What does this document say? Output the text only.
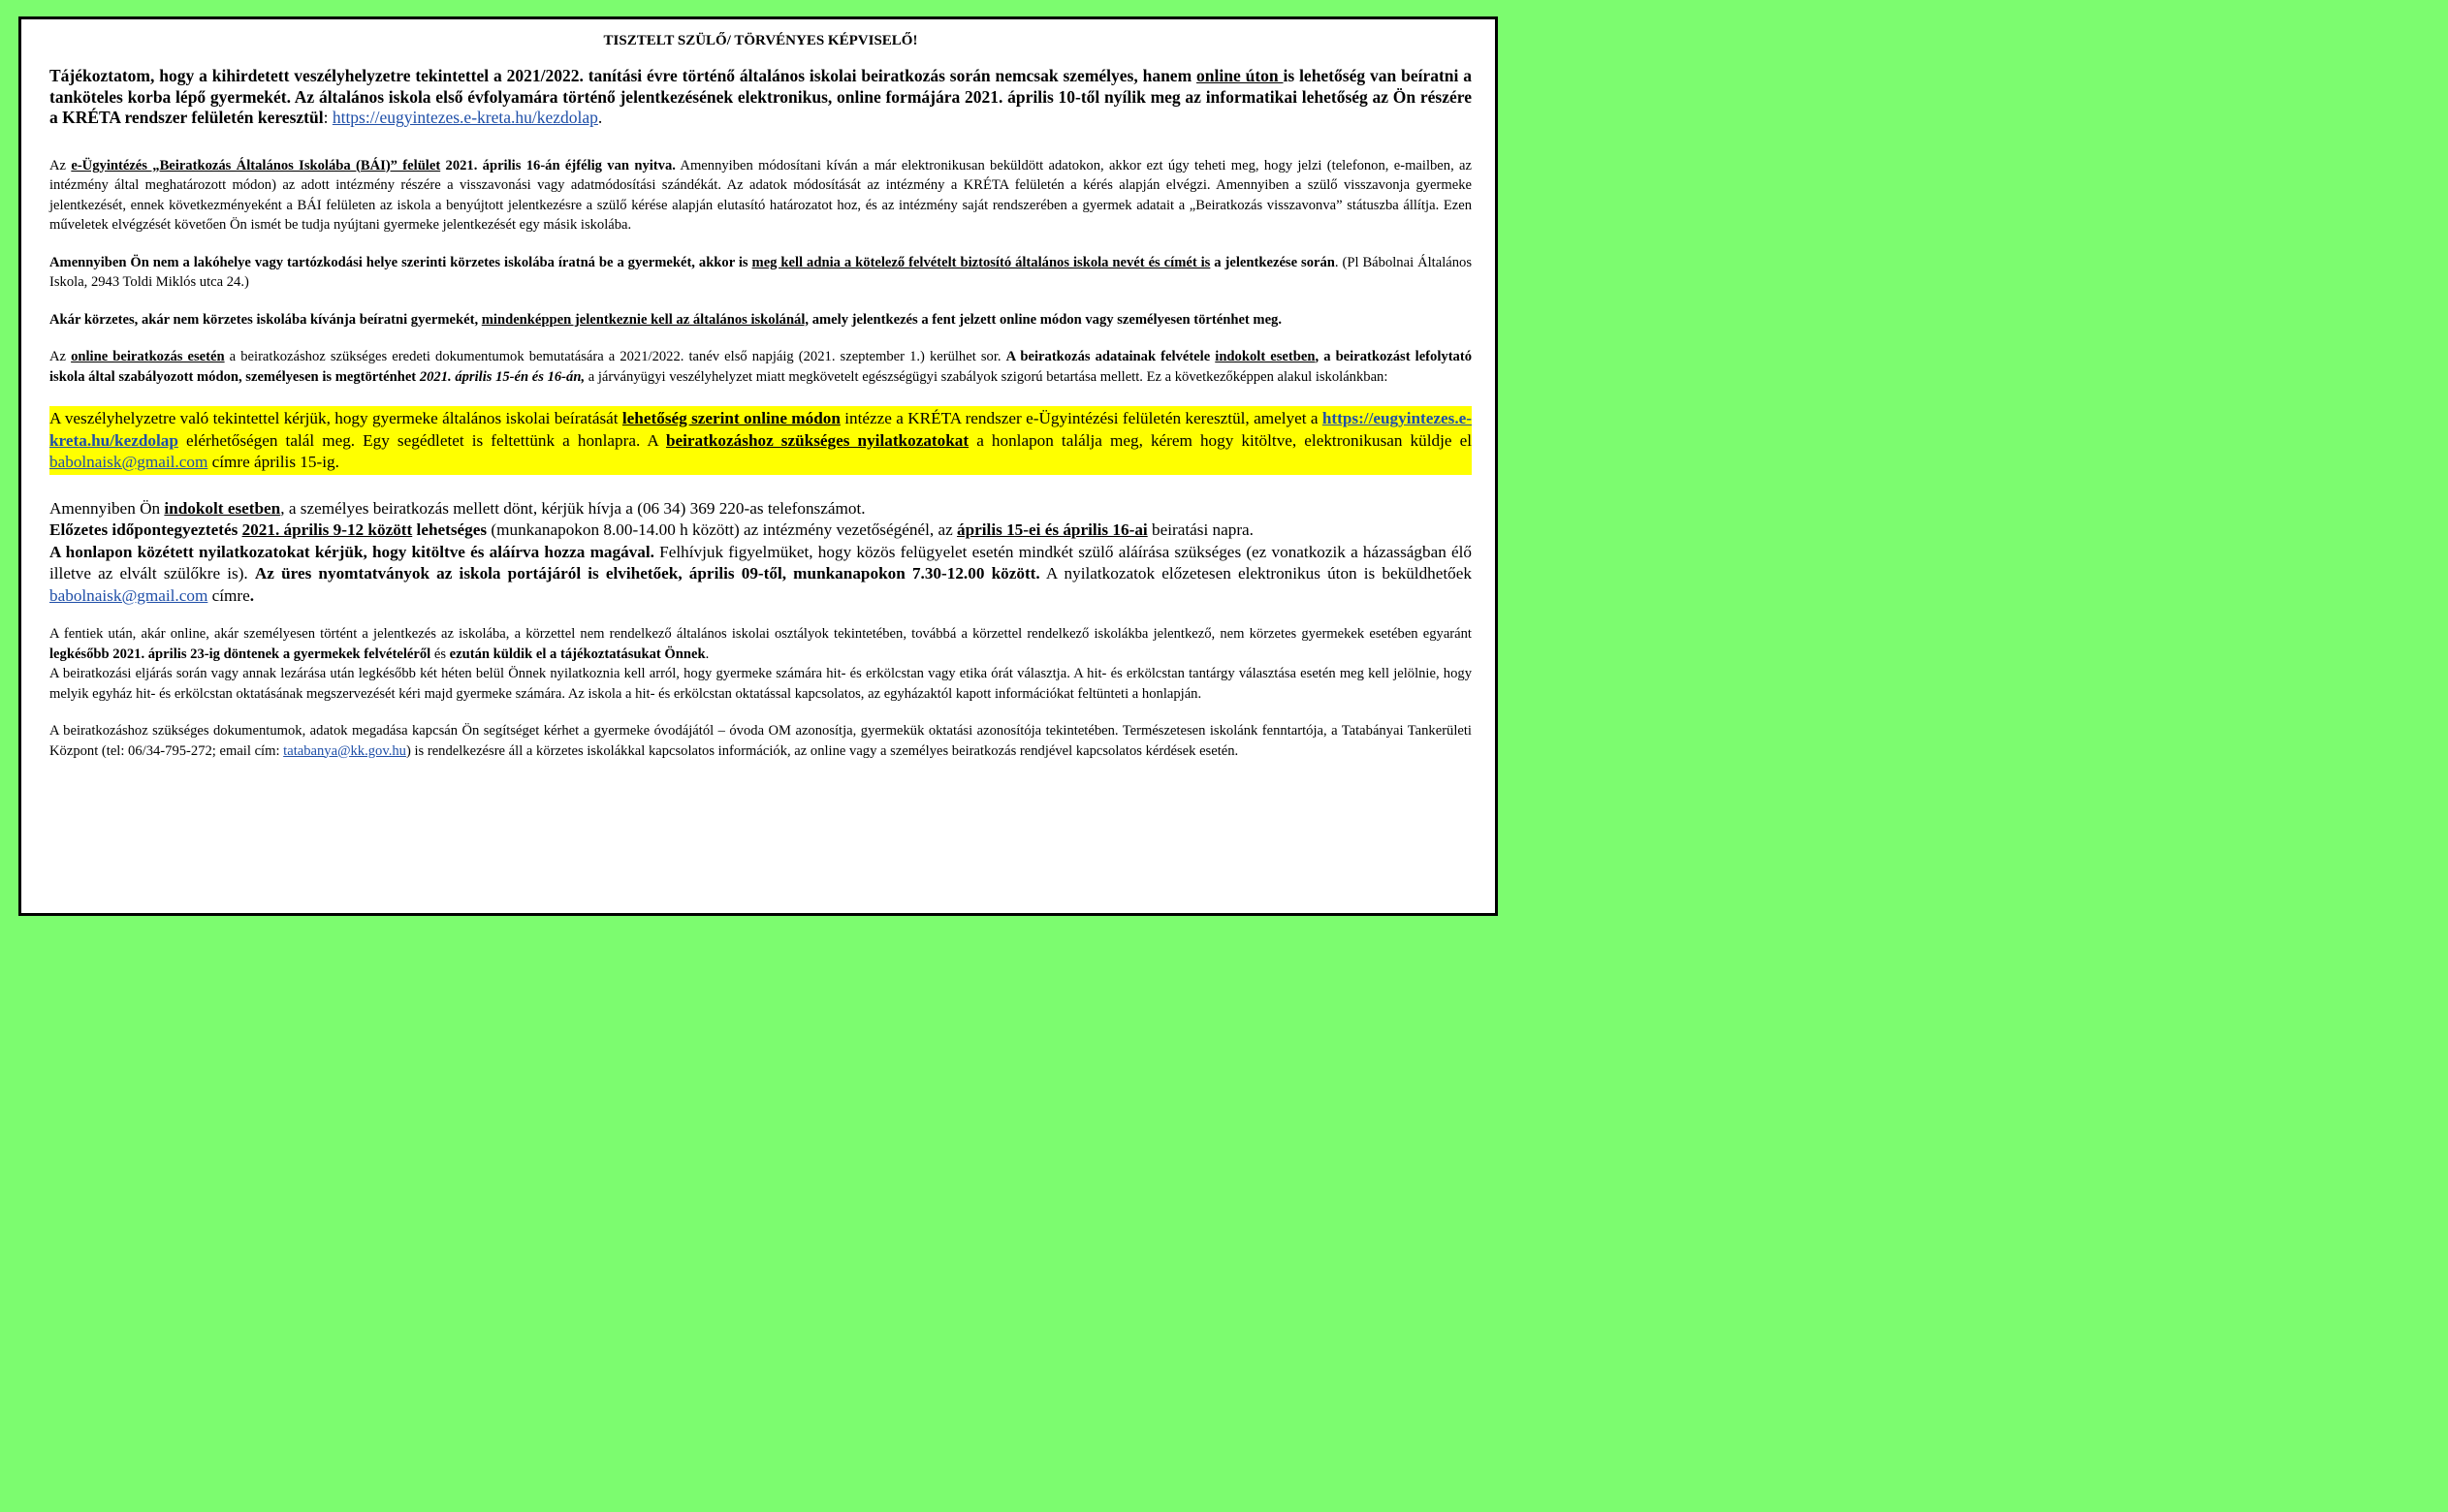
TISZTELT SZÜLŐ/ TÖRVÉNYES KÉPVISELŐ!

Tájékoztatom, hogy a kihirdetett veszélyhelyzetre tekintettel a 2021/2022. tanítási évre történő általános iskolai beiratkozás során nemcsak személyes, hanem online úton is lehetőség van beíratni a tanköteles korba lépő gyermekét. Az általános iskola első évfolyamára történő jelentkezésének elektronikus, online formájára 2021. április 10-től nyílik meg az informatikai lehetőség az Ön részére a KRÉTA rendszer felületén keresztül: https://eugyintezes.e-kreta.hu/kezdolap.

Az e-Ügyintézés „Beiratkozás Általános Iskolába (BÁI)” felület 2021. április 16-án éjfélig van nyitva. Amennyiben módosítani kíván a már elektronikusan beküldött adatokon, akkor ezt úgy teheti meg, hogy jelzi (telefonon, e-mailben, az intézmény által meghatározott módon) az adott intézmény részére a visszavonási vagy adatmódosítási szándékát. Az adatok módosítását az intézmény a KRÉTA felületén a kérés alapján elvégzi. Amennyiben a szülő visszavonja gyermeke jelentkezését, ennek következményeként a BÁI felületen az iskola a benyújtott jelentkezésre a szülő kérése alapján elutasító határozatot hoz, és az intézmény saját rendszerében a gyermek adatait a „Beiratkozás visszavonva” státuszba állítja. Ezen műveletek elvégzését követően Ön ismét be tudja nyújtani gyermeke jelentkezését egy másik iskolába.

Amennyiben Ön nem a lakóhelye vagy tartózkodási helye szerinti körzetes iskolába íratná be a gyermekét, akkor is meg kell adnia a kötelező felvételt biztosító általános iskola nevét és címét is a jelentkezése során. (Pl Bábolnai Általános Iskola, 2943 Toldi Miklós utca 24.)

Akár körzetes, akár nem körzetes iskolába kívánja beíratni gyermekét, mindenképpen jelentkeznie kell az általános iskolánál, amely jelentkezés a fent jelzett online módon vagy személyesen történhet meg.

Az online beiratkozás esetén a beiratkozáshoz szükséges eredeti dokumentumok bemutatására a 2021/2022. tanév első napjáig (2021. szeptember 1.) kerülhet sor. A beiratkozás adatainak felvétele indokolt esetben, a beiratkozást lefolytató iskola által szabályozott módon, személyesen is megtörténhet 2021. április 15-én és 16-án, a járványügyi veszélyhelyzet miatt megkövetelt egészségügyi szabályok szigorú betartása mellett. Ez a következőképpen alakul iskolánkban:

A veszélyhelyzetre való tekintettel kérjük, hogy gyermeke általános iskolai beíratását lehetőség szerint online módon intézze a KRÉTA rendszer e-Ügyintézési felületén keresztül, amelyet a https://eugyintezes.e-kreta.hu/kezdolap elérhetőségen talál meg. Egy segédletet is feltettünk a honlapra. A beiratkozáshoz szükséges nyilatkozatokat a honlapon találja meg, kérem hogy kitöltve, elektronikusan küldje el babolnaisk@gmail.com címre április 15-ig.

Amennyiben Ön indokolt esetben, a személyes beiratkozás mellett dönt, kérjük hívja a (06 34) 369 220-as telefonszámot.

Előzetes időpontegyeztetés 2021. április 9-12 között lehetséges (munkanapokon 8.00-14.00 h között) az intézmény vezetőségénél, az április 15-ei és április 16-ai beiratási napra.

A honlapon közétett nyilatkozatokat kérjük, hogy kitöltve és aláírva hozza magával. Felhívjuk figyelmüket, hogy közös felügyelet esetén mindkét szülő aláírása szükséges (ez vonatkozik a házasságban élő illetve az elvált szülőkre is). Az üres nyomtatványok az iskola portájáról is elvihetőek, április 09-től, munkanapokon 7.30-12.00 között. A nyilatkozatok előzetesen elektronikus úton is beküldhetőek babolnaisk@gmail.com címre.

A fentiek után, akár online, akár személyesen történt a jelentkezés az iskolába, a körzettel nem rendelkező általános iskolai osztályok tekintetében, továbbá a körzettel rendelkező iskolákba jelentkező, nem körzetes gyermekek esetében egyaránt legkésőbb 2021. április 23-ig döntenek a gyermekek felvételéről és ezután küldik el a tájékoztatásukat Önnek.

A beiratkozási eljárás során vagy annak lezárása után legkésőbb két héten belül Önnek nyilatkoznia kell arról, hogy gyermeke számára hit- és erkölcstan vagy etika órát választja. A hit- és erkölcstan tantárgy választása esetén meg kell jelölnie, hogy melyik egyház hit- és erkölcstan oktatásának megszervezését kéri majd gyermeke számára. Az iskola a hit- és erkölcstan oktatással kapcsolatos, az egyházaktól kapott információkat feltünteti a honlapján.

A beiratkozáshoz szükséges dokumentumok, adatok megadása kapcsán Ön segítséget kérhet a gyermeke óvodájától – óvoda OM azonosítja, gyermekük oktatási azonosítója tekintetében. Természetesen iskolánk fenntartója, a Tatabányai Tankerületi Központ (tel: 06/34-795-272; email cím: tatabanya@kk.gov.hu) is rendelkezésre áll a körzetes iskolákkal kapcsolatos információk, az online vagy a személyes beiratkozás rendjével kapcsolatos kérdések esetén.
